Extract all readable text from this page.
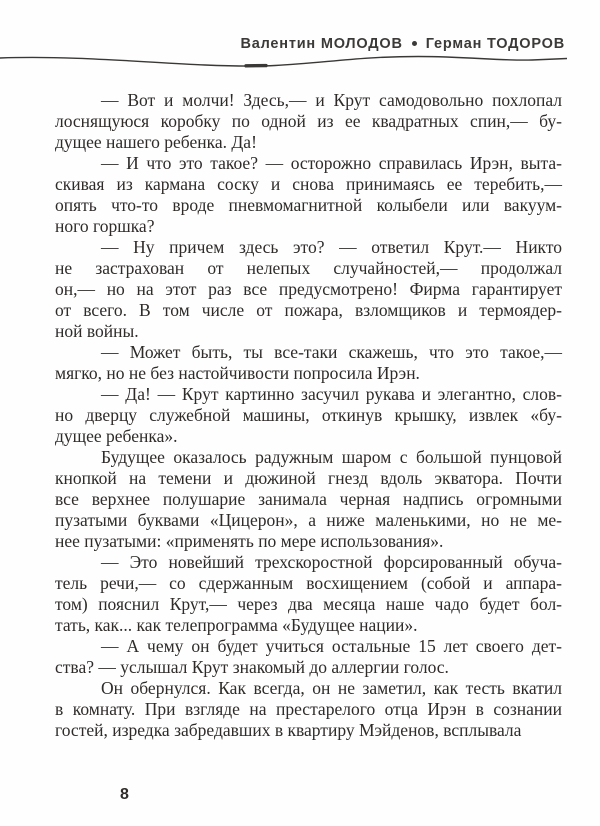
Валентин МОЛОДОВ Герман ТОДОРОВ
— Вот и молчи! Здесь,— и Крут самодовольно похлопал
лоснящуюся коробку по одной из ее квадратных спин,— бу-
дущее нашего ребенка. Да!
— И что это такое? — осторожно справилась Ирэн, выта-
скивая из кармана соску и снова принимаясь ее теребить,—
опять что-то вроде пневмомагнитной колыбели или вакуум-
ного горшка?
— Ну причем здесь это? — ответил Крут.— Никто
не застрахован от нелепых случайностей,— продолжал
он,— но на этот раз все предусмотрено! Фирма гарантирует
от всего. В том числе от пожара, взломщиков и термоядер-
ной войны.
— Может быть, ты все-таки скажешь, что это такое,—
мягко, но не без настойчивости попросила Ирэн.
— Да! — Крут картинно засучил рукава и элегантно, слов-
но дверцу служебной машины, откинув крышку, извлек «бу-
дущее ребенка».
Будущее оказалось радужным шаром с большой пунцовой
кнопкой на темени и дюжиной гнезд вдоль экватора. Почти
все верхнее полушарие занимала черная надпись огромными
пузатыми буквами «Цицерон», а ниже маленькими, но не ме-
нее пузатыми: «применять по мере использования».
— Это новейший трехскоростной форсированный обуча-
тель речи,— со сдержанным восхищением (собой и аппара-
том) пояснил Крут,— через два месяца наше чадо будет бол-
тать, как... как телепрограмма «Будущее нации».
— А чему он будет учиться остальные 15 лет своего дет-
ства? — услышал Крут знакомый до аллергии голос.
Он обернулся. Как всегда, он не заметил, как тесть вкатил
в комнату. При взгляде на престарелого отца Ирэн в сознании
гостей, изредка забредавших в квартиру Мэйденов, всплывала
8
